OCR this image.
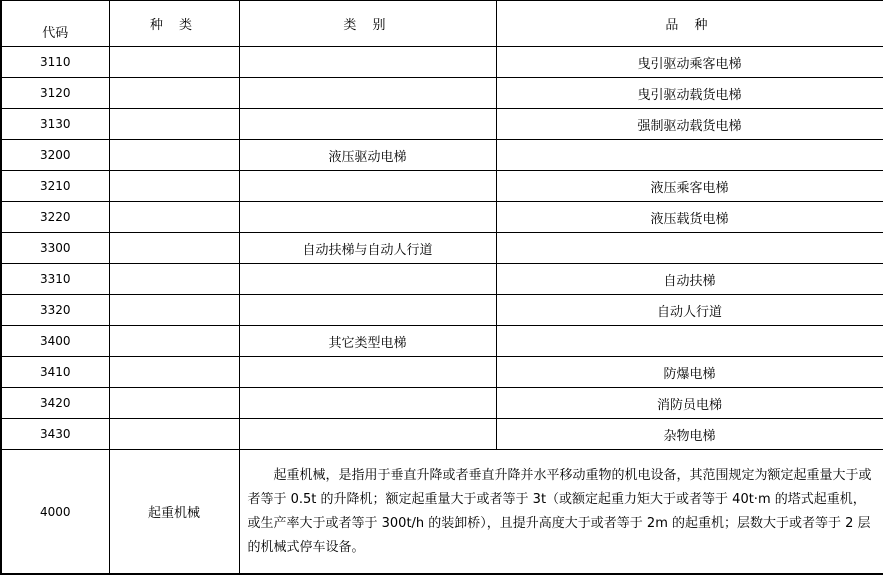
代码	种 类	类 别	品 种
3110			曳引驱动乘客电梯
3120			曳引驱动载货电梯
3130			强制驱动载货电梯
3200		液压驱动电梯	
3210			液压乘客电梯
3220			液压载货电梯
3300		自动扶梯与自动人行道	
3310			自动扶梯
3320			自动人行道
3400		其它类型电梯	
3410			防爆电梯
3420			消防员电梯
3430			杂物电梯
4000	起重机械	起重机械，是指用于垂直升降或者垂直升降并水平移动重物的机电设备，其范围规定为额定起重量大于或者等于 0.5t 的升降机；额定起重量大于或者等于 3t（或额定起重力矩大于或者等于 40t·m 的塔式起重机，或生产率大于或者等于 300t/h 的装卸桥），且提升高度大于或者等于 2m 的起重机；层数大于或者等于 2 层的机械式停车设备。	
